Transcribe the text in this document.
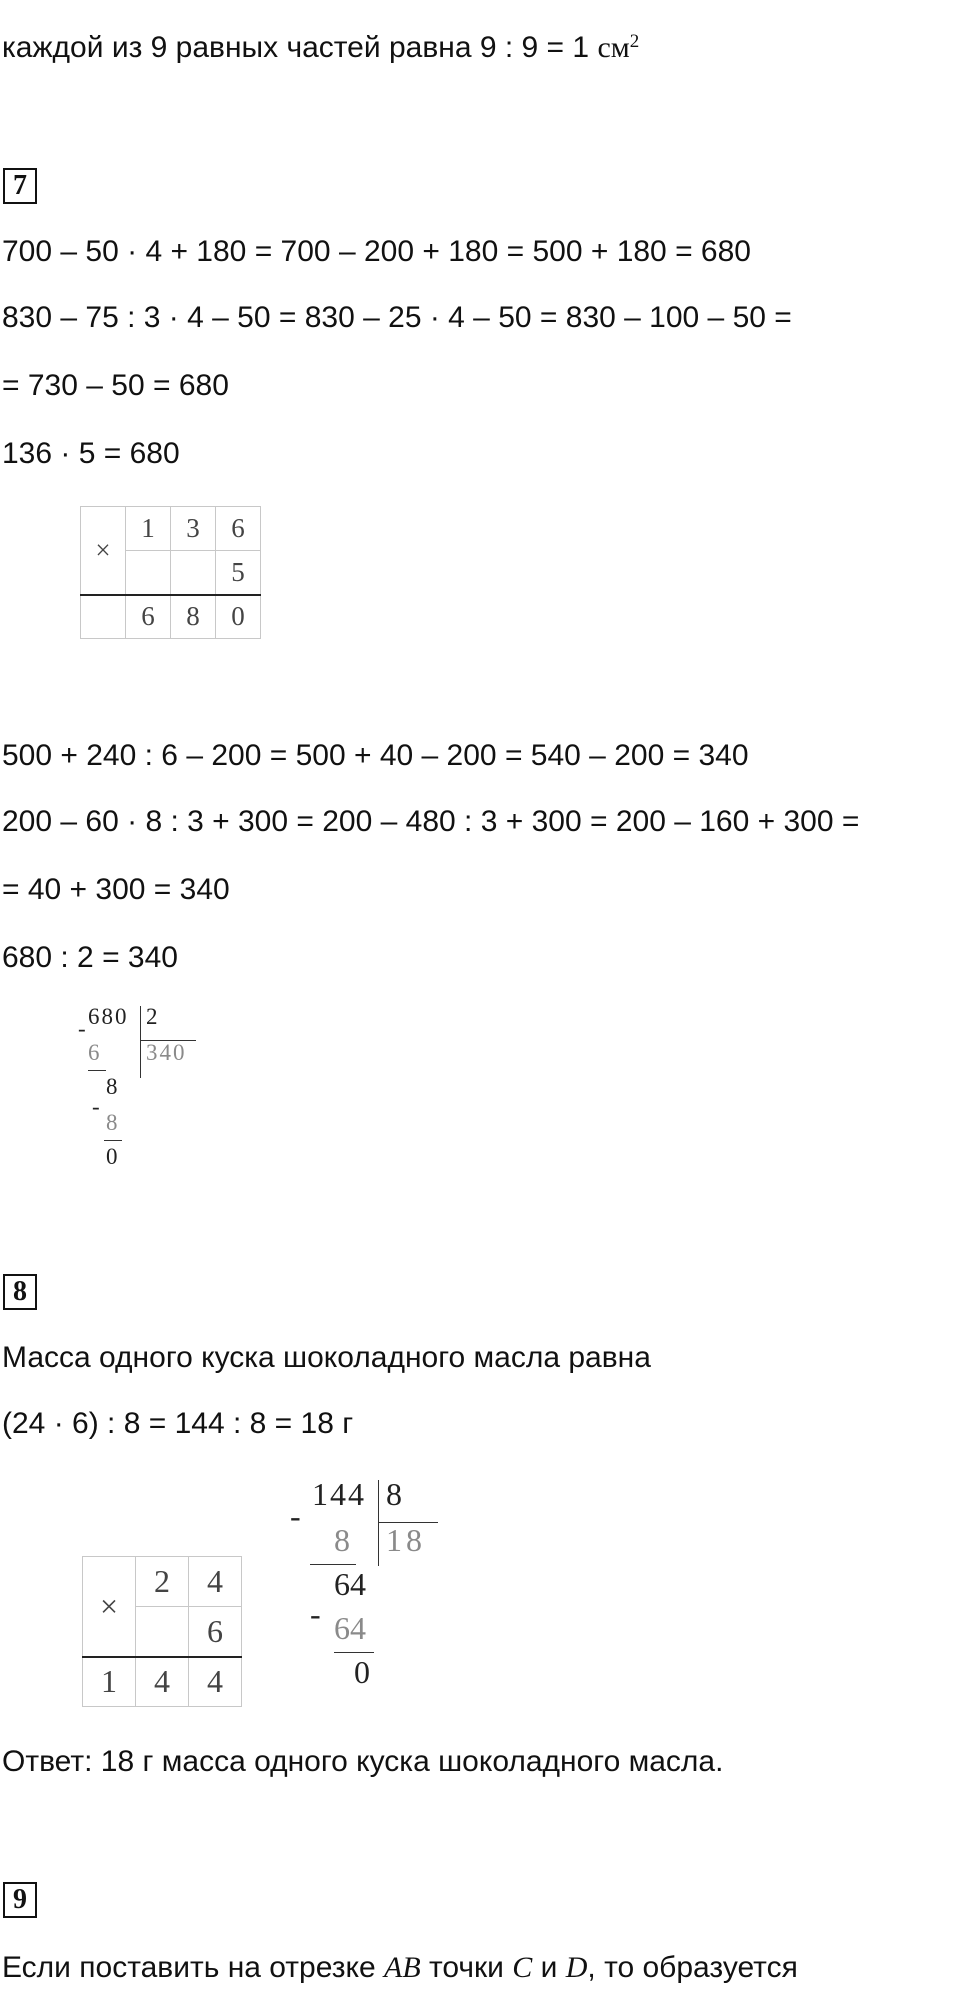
каждой из 9 равных частей равна 9 : 9 = 1 $см^2$
7
700 – 50 · 4 + 180 = 700 – 200 + 180 = 500 + 180 = 680
830 – 75 : 3 · 4 – 50 = 830 – 25 · 4 – 50 = 830 – 100 – 50 =
= 730 – 50 = 680
136 · 5 = 680
×	1	3	6
			5
	6	8	0
500 + 240 : 6 – 200 = 500 + 40 – 200 = 540 – 200 = 340
200 – 60 · 8 : 3 + 300 = 200 – 480 : 3 + 300 = 200 – 160 + 300 =
= 40 + 300 = 340
680 : 2 = 340
- 680 2
340
6
8
-
8
0
8
Масса одного куска шоколадного масла равна
(24 · 6) : 8 = 144 : 8 = 18 г
×	2	4
		6
1	4	4
-
144 8
18
8
64
- 64
0
Ответ: 18 г масса одного куска шоколадного масла.
9
Если поставить на отрезке AB точки C и D, то образуется
